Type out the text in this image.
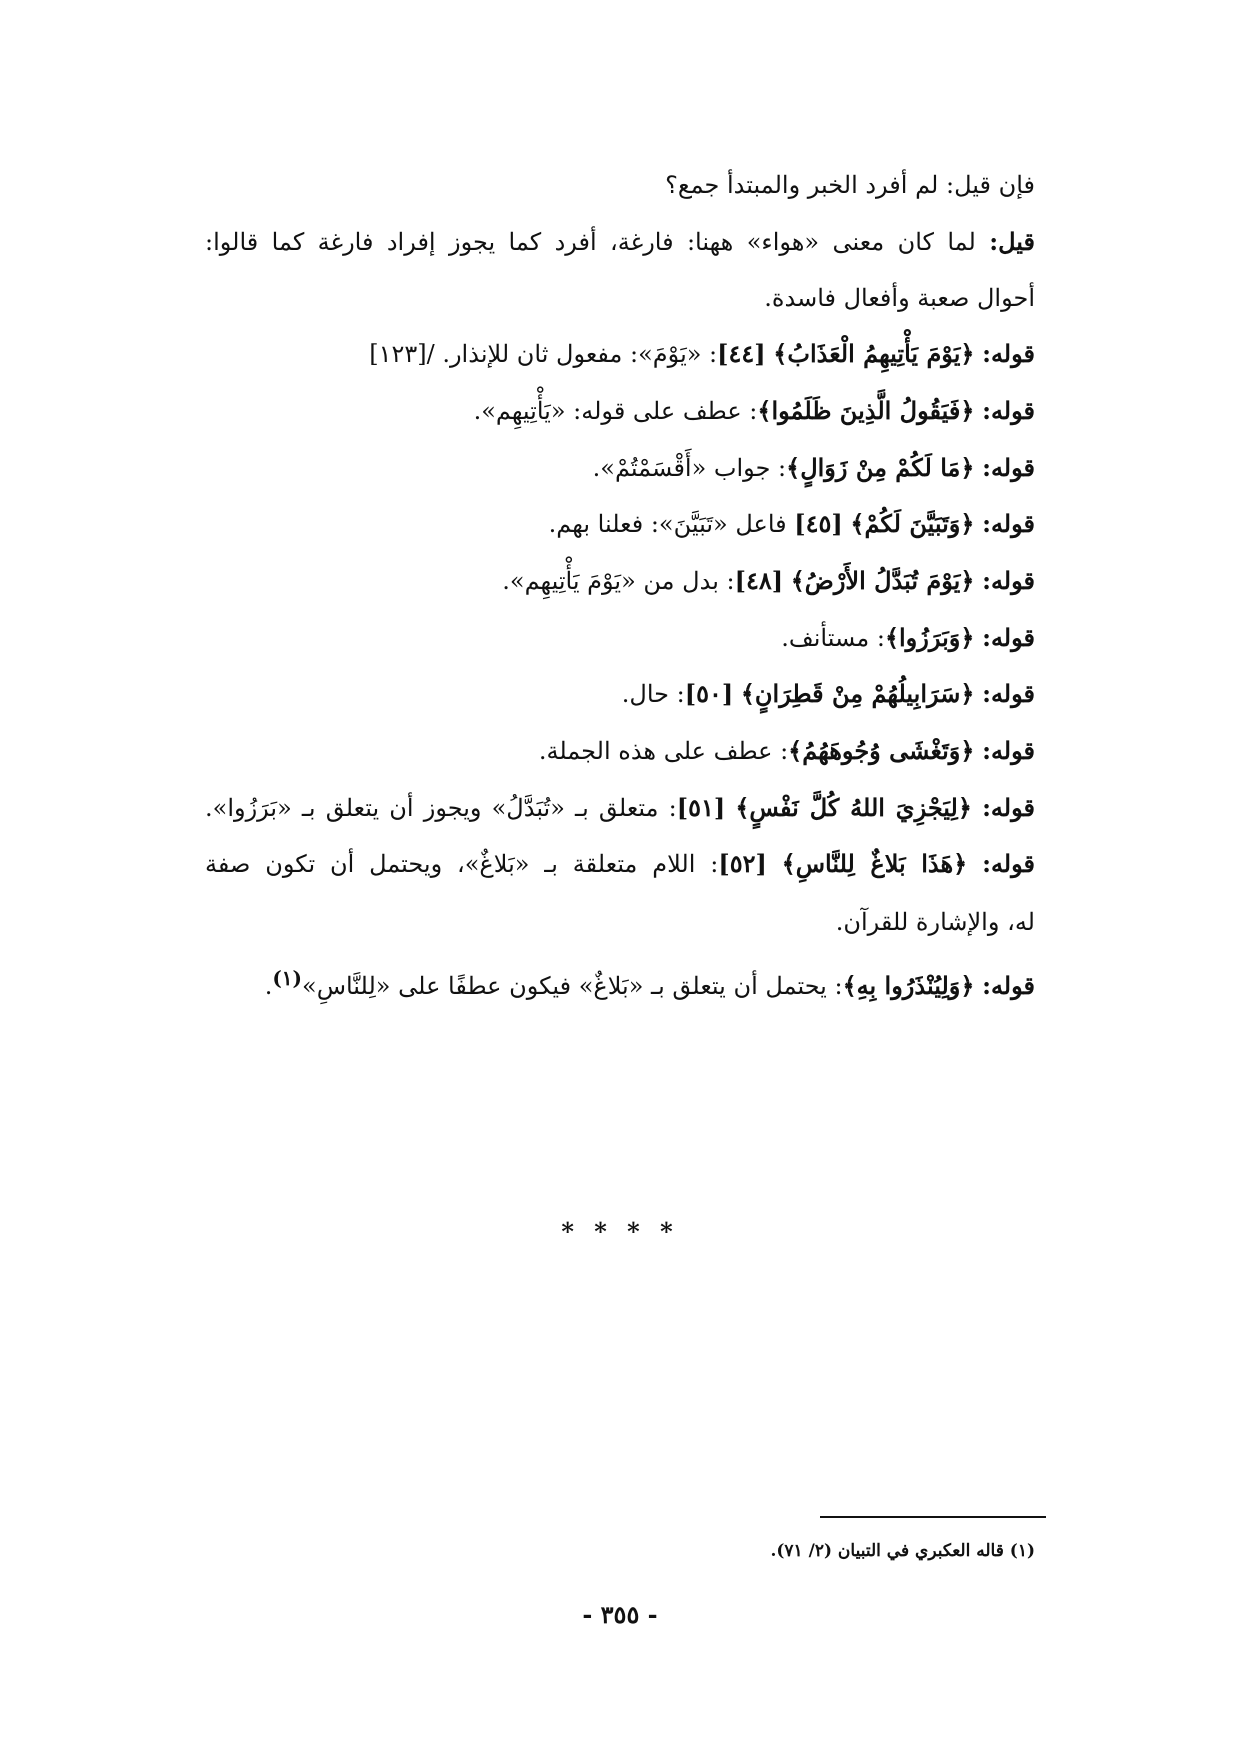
فإن قيل: لم أفرد الخبر والمبتدأ جمع؟
قيل: لما كان معنى «هواء» ههنا: فارغة، أفرد كما يجوز إفراد فارغة كما قالوا:
أحوال صعبة وأفعال فاسدة.
قوله: ﴿يَوْمَ يَأْتِيهِمُ الْعَذَابُ﴾ [٤٤]: «يَوْمَ»: مفعول ثان للإنذار. /[١٢٣]
قوله: ﴿فَيَقُولُ الَّذِينَ ظَلَمُوا﴾: عطف على قوله: «يَأْتِيهِم».
قوله: ﴿مَا لَكُمْ مِنْ زَوَالٍ﴾: جواب «أَقْسَمْتُمْ».
قوله: ﴿وَتَبَيَّنَ لَكُمْ﴾ [٤٥] فاعل «تَبَيَّنَ»: فعلنا بهم.
قوله: ﴿يَوْمَ تُبَدَّلُ الأَرْضُ﴾ [٤٨]: بدل من «يَوْمَ يَأْتِيهِم».
قوله: ﴿وَبَرَزُوا﴾: مستأنف.
قوله: ﴿سَرَابِيلُهُمْ مِنْ قَطِرَانٍ﴾ [٥٠]: حال.
قوله: ﴿وَتَغْشَى وُجُوهَهُمُ﴾: عطف على هذه الجملة.
قوله: ﴿لِيَجْزِيَ اللهُ كُلَّ نَفْسٍ﴾ [٥١]: متعلق بـ «تُبَدَّلُ» ويجوز أن يتعلق بـ «بَرَزُوا».
قوله: ﴿هَذَا بَلاغٌ لِلنَّاسِ﴾ [٥٢]: اللام متعلقة بـ «بَلاغٌ»، ويحتمل أن تكون صفة
له، والإشارة للقرآن.
قوله: ﴿وَلِيُنْذَرُوا بِهِ﴾: يحتمل أن يتعلق بـ «بَلاغٌ» فيكون عطفًا على «لِلنَّاسِ»$^{(١)}$.
* * * *
(١) قاله العكبري في التبيان (٢/ ٧١).
- ٣٥٥ -
